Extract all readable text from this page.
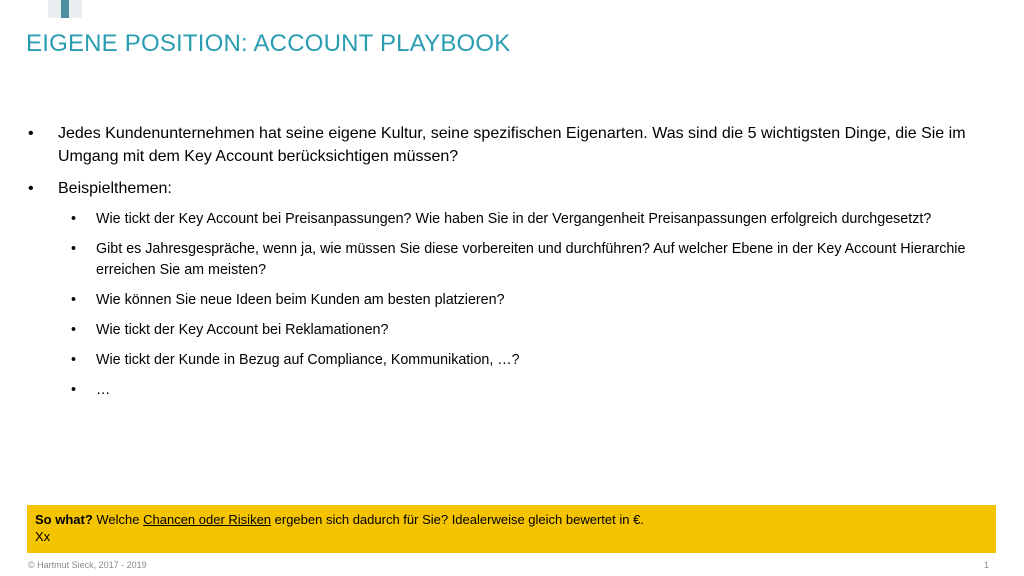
EIGENE POSITION: ACCOUNT PLAYBOOK
• Jedes Kundenunternehmen hat seine eigene Kultur, seine spezifischen Eigenarten. Was sind die 5 wichtigsten Dinge, die Sie im Umgang mit dem Key Account berücksichtigen müssen?
• Beispielthemen:
• Wie tickt der Key Account bei Preisanpassungen? Wie haben Sie in der Vergangenheit Preisanpassungen erfolgreich durchgesetzt?
• Gibt es Jahresgespräche, wenn ja, wie müssen Sie diese vorbereiten und durchführen? Auf welcher Ebene in der Key Account Hierarchie erreichen Sie am meisten?
• Wie können Sie neue Ideen beim Kunden am besten platzieren?
• Wie tickt der Key Account bei Reklamationen?
• Wie tickt der Kunde in Bezug auf Compliance, Kommunikation, …?
• …
So what? Welche Chancen oder Risiken ergeben sich dadurch für Sie? Idealerweise gleich bewertet in €.
Xx
© Hartmut Sieck, 2017 - 2019	1
